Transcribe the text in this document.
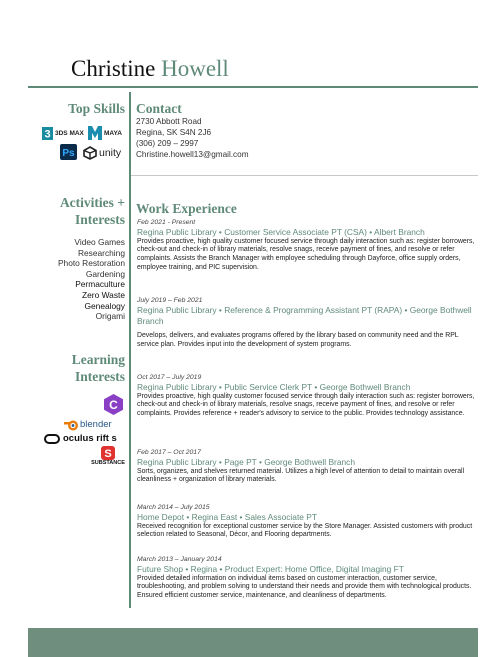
Christine Howell
Top Skills
3 3DS MAX	MAYA
Ps unity
Contact
2730 Abbott Road
Regina, SK S4N 2J6
(306) 209 – 2997
Christine.howell13@gmail.com
Activities +
Interests
Video Games
Researching
Photo Restoration
Gardening
Permaculture
Zero Waste
Genealogy
Origami
Learning
Interests
C
blender
oculus rift s
S
SUBSTANCE
Work Experience
Feb 2021 - Present
Regina Public Library • Customer Service Associate PT (CSA) • Albert Branch
Provides proactive, high quality customer focused service through daily interaction such as: register borrowers, check-out and check-in of library materials, resolve snags, receive payment of fines, and resolve or refer complaints. Assists the Branch Manager with employee scheduling through Dayforce, office supply orders, employee training, and PIC supervision.
July 2019 – Feb 2021
Regina Public Library • Reference & Programming Assistant PT (RAPA) • George Bothwell Branch
Develops, delivers, and evaluates programs offered by the library based on community need and the RPL service plan. Provides input into the development of system programs.
Oct 2017 – July 2019
Regina Public Library • Public Service Clerk PT • George Bothwell Branch
Provides proactive, high quality customer focused service through daily interaction such as: register borrowers, check-out and check-in of library materials, resolve snags, receive payment of fines, and resolve or refer complaints. Provides reference + reader's advisory to service to the public. Provides technology assistance.
Feb 2017 – Oct 2017
Regina Public Library • Page PT • George Bothwell Branch
Sorts, organizes, and shelves returned material. Utilizes a high level of attention to detail to maintain overall cleanliness + organization of library materials.
March 2014 – July 2015
Home Depot • Regina East • Sales Associate PT
Received recognition for exceptional customer service by the Store Manager. Assisted customers with product selection related to Seasonal, Décor, and Flooring departments.
March 2013 – January 2014
Future Shop • Regina • Product Expert: Home Office, Digital Imaging FT
Provided detailed information on individual items based on customer interaction, customer service, troubleshooting, and problem solving to understand their needs and provide them with technological products. Ensured efficient customer service, maintenance, and cleanliness of departments.
